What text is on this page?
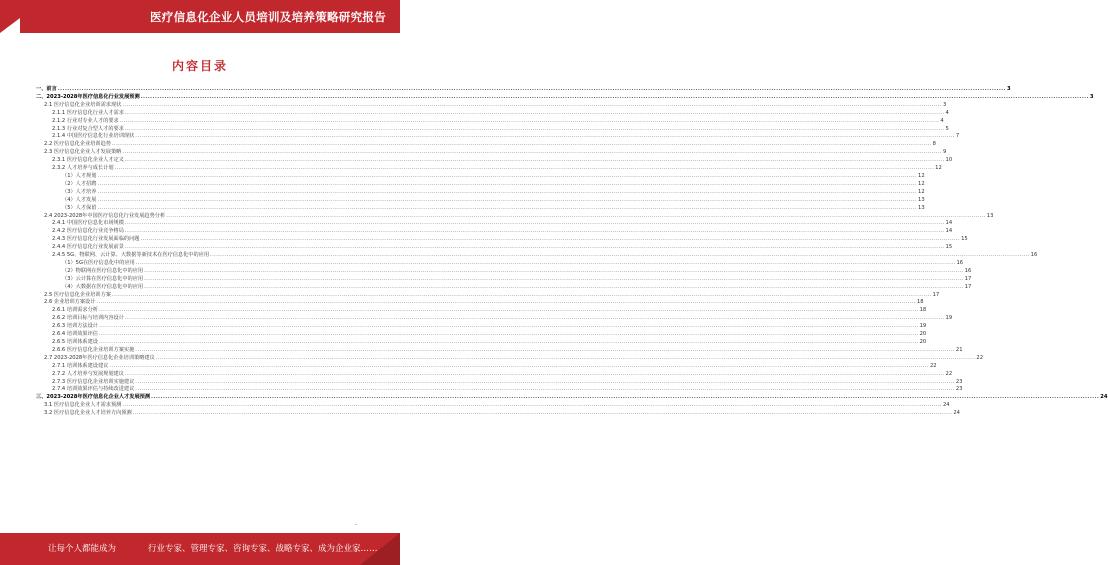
医疗信息化企业人员培训及培养策略研究报告
内容目录
一、前言 ................................................................................................................................................................................................................................................................................................................................................................................................................ 3
二、2023-2028年医疗信息化行业发展预测 ................................................................................................................................................................................................................................................................................................................................................................................................................ 3
2.1 医疗信息化企业培训需求现状 ................................................................................................................................................................................................................................................................................................................................................................................................................ 3
2.1.1 医疗信息化行业人才需求 ................................................................................................................................................................................................................................................................................................................................................................................................................ 4
2.1.2 行业对专业人才的要求 ................................................................................................................................................................................................................................................................................................................................................................................................................ 4
2.1.3 行业对复合型人才的要求 ................................................................................................................................................................................................................................................................................................................................................................................................................ 5
2.1.4 中国医疗信息化行业培训现状 ................................................................................................................................................................................................................................................................................................................................................................................................................ 7
2.2 医疗信息化企业培训趋势 ................................................................................................................................................................................................................................................................................................................................................................................................................ 8
2.3 医疗信息化企业人才发展策略 ................................................................................................................................................................................................................................................................................................................................................................................................................ 9
2.3.1 医疗信息化企业人才定义 ................................................................................................................................................................................................................................................................................................................................................................................................................ 10
2.3.2 人才培养与成长计划 ................................................................................................................................................................................................................................................................................................................................................................................................................ 12
（1）人才规划 ................................................................................................................................................................................................................................................................................................................................................................................................................ 12
（2）人才招聘 ................................................................................................................................................................................................................................................................................................................................................................................................................ 12
（3）人才培养 ................................................................................................................................................................................................................................................................................................................................................................................................................ 12
（4）人才发展 ................................................................................................................................................................................................................................................................................................................................................................................................................ 13
（5）人才保留 ................................................................................................................................................................................................................................................................................................................................................................................................................ 13
2.4 2023-2028年中国医疗信息化行业发展趋势分析 ................................................................................................................................................................................................................................................................................................................................................................................................................ 13
2.4.1 中国医疗信息化市场规模 ................................................................................................................................................................................................................................................................................................................................................................................................................ 14
2.4.2 医疗信息化行业竞争格局 ................................................................................................................................................................................................................................................................................................................................................................................................................ 14
2.4.3 医疗信息化行业发展面临的问题 ................................................................................................................................................................................................................................................................................................................................................................................................................ 15
2.4.4 医疗信息化行业发展前景 ................................................................................................................................................................................................................................................................................................................................................................................................................ 15
2.4.5 5G、物联网、云计算、大数据等新技术在医疗信息化中的应用 ................................................................................................................................................................................................................................................................................................................................................................................................................ 16
（1）5G在医疗信息化中的应用 ................................................................................................................................................................................................................................................................................................................................................................................................................ 16
（2）物联网在医疗信息化中的应用 ................................................................................................................................................................................................................................................................................................................................................................................................................ 16
（3）云计算在医疗信息化中的应用 ................................................................................................................................................................................................................................................................................................................................................................................................................ 17
（4）大数据在医疗信息化中的应用 ................................................................................................................................................................................................................................................................................................................................................................................................................ 17
2.5 医疗信息化企业培训方案 ................................................................................................................................................................................................................................................................................................................................................................................................................ 17
2.6 企业培训方案设计 ................................................................................................................................................................................................................................................................................................................................................................................................................ 18
2.6.1 培训需求分析 ................................................................................................................................................................................................................................................................................................................................................................................................................ 18
2.6.2 培训目标与培训内容设计 ................................................................................................................................................................................................................................................................................................................................................................................................................ 19
2.6.3 培训方法设计 ................................................................................................................................................................................................................................................................................................................................................................................................................ 19
2.6.4 培训效果评估 ................................................................................................................................................................................................................................................................................................................................................................................................................ 20
2.6.5 培训体系建设 ................................................................................................................................................................................................................................................................................................................................................................................................................ 20
2.6.6 医疗信息化企业培训方案实施 ................................................................................................................................................................................................................................................................................................................................................................................................................ 21
2.7 2023-2028年医疗信息化企业培训策略建议 ................................................................................................................................................................................................................................................................................................................................................................................................................ 22
2.7.1 培训体系建设建议 ................................................................................................................................................................................................................................................................................................................................................................................................................ 22
2.7.2 人才培养与发展规划建议 ................................................................................................................................................................................................................................................................................................................................................................................................................ 22
2.7.3 医疗信息化企业培训实施建议 ................................................................................................................................................................................................................................................................................................................................................................................................................ 23
2.7.4 培训效果评估与持续改进建议 ................................................................................................................................................................................................................................................................................................................................................................................................................ 23
三、2023-2028年医疗信息化企业人才发展预测 ................................................................................................................................................................................................................................................................................................................................................................................................................ 24
3.1 医疗信息化企业人才需求预测 ................................................................................................................................................................................................................................................................................................................................................................................................................ 24
3.2 医疗信息化企业人才培养方向预测 ................................................................................................................................................................................................................................................................................................................................................................................................................ 24
-
让每个人都能成为	行业专家、管理专家、咨询专家、战略专家、成为企业家……
